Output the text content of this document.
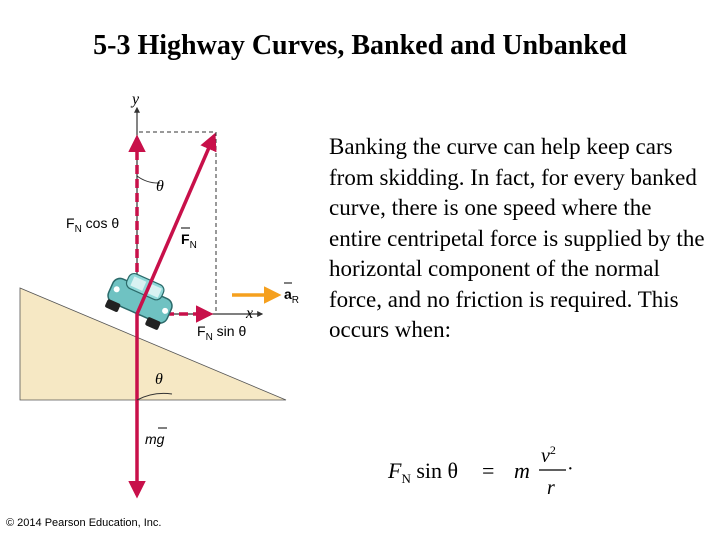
5-3 Highway Curves, Banked and Unbanked
y
x
θ
θ
$F_N$ cos θ
$F_N$
$a_R$
$F_N$ sin θ
mg
$F_N$ sin θ = m
$v^2$
r
·
Banking the curve can help keep cars from skidding. In fact, for every banked curve, there is one speed where the entire centripetal force is supplied by the horizontal component of the normal force, and no friction is required. This occurs when:
© 2014 Pearson Education, Inc.
